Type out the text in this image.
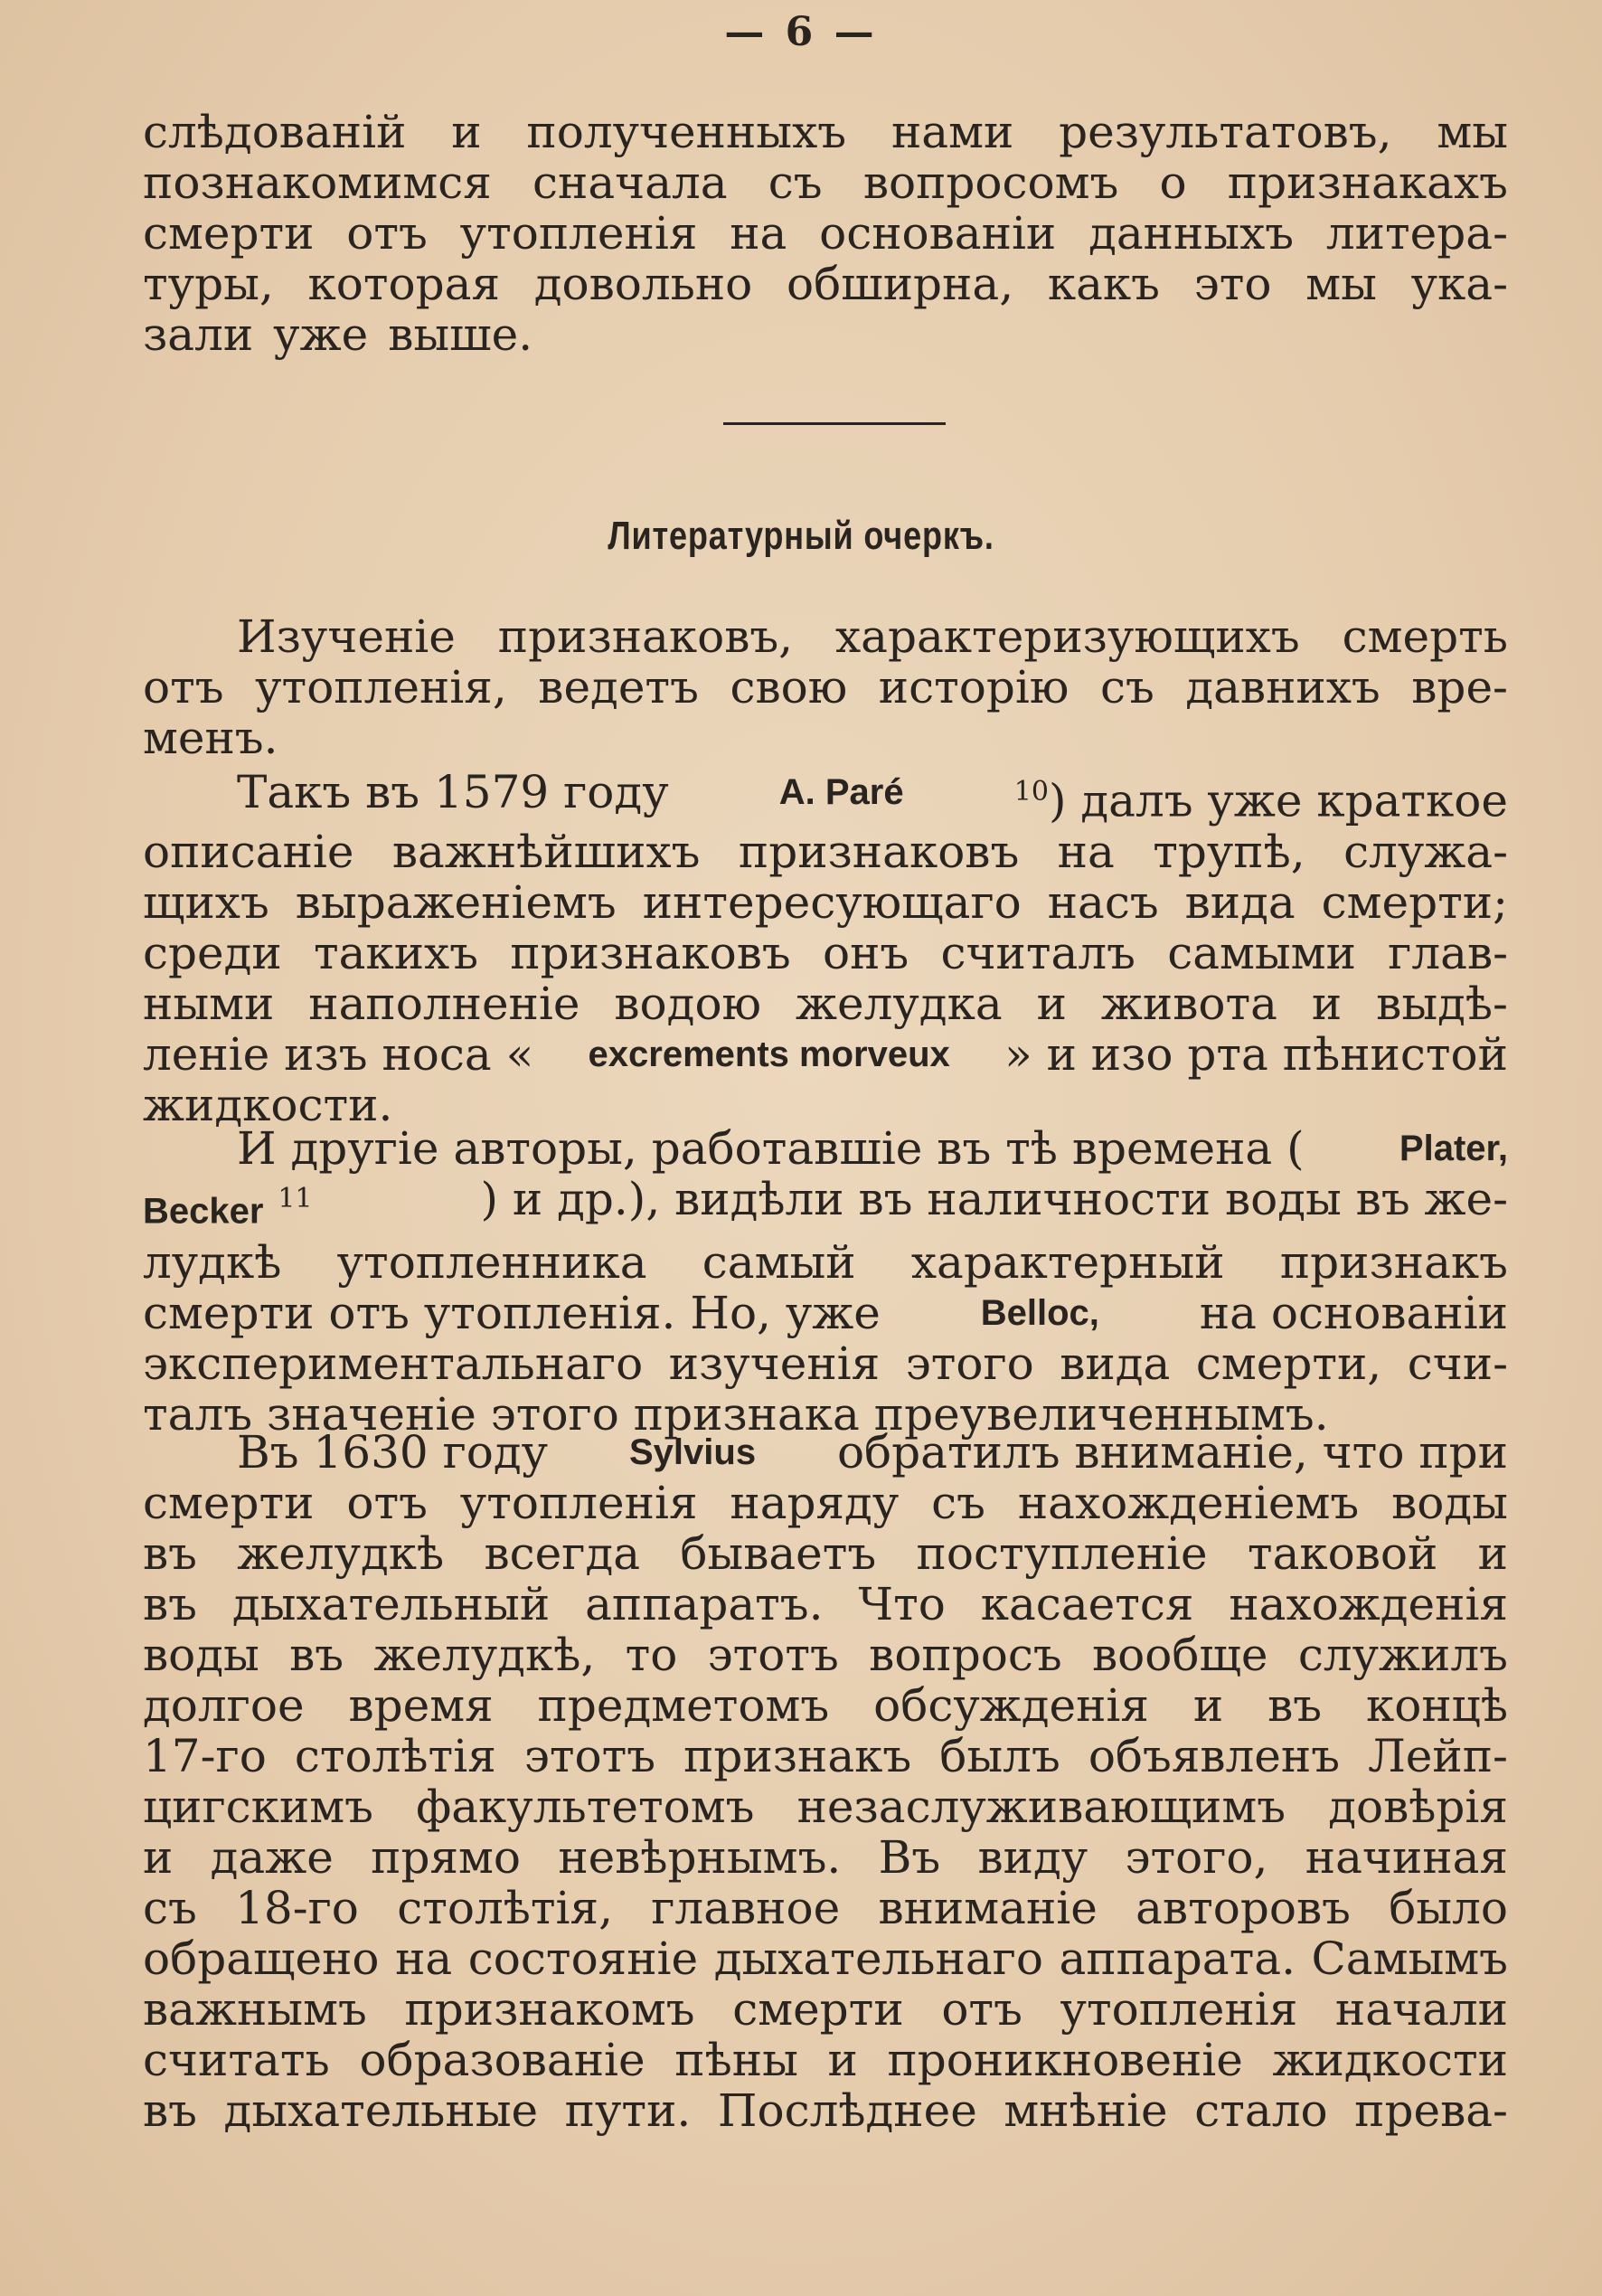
— 6 —
слѣдованій и полученныхъ нами результатовъ, мы
познакомимся сначала съ вопросомъ о признакахъ
смерти отъ утопленія на основаніи данныхъ литера-
туры, которая довольно обширна, какъ это мы ука-
зали уже выше.
Литературный очеркъ.
Изученіе признаковъ, характеризующихъ смерть
отъ утопленія, ведетъ свою исторію съ давнихъ вре-
менъ.
Такъ въ 1579 году	A. Paré	$^{10}$) далъ уже краткое
описаніе важнѣйшихъ признаковъ на трупѣ, служа-
щихъ выраженіемъ интересующаго насъ вида смерти;
среди такихъ признаковъ онъ считалъ самыми глав-
ными наполненіе водою желудка и живота и выдѣ-
леніе изъ носа « excrements morveux » и изо рта пѣнистой
жидкости.
И другіе авторы, работавшіе въ тѣ времена (	Plater,
Becker $^{11}$	) и др.), видѣли въ наличности воды въ же-
лудкѣ утопленника самый характерный признакъ
смерти отъ утопленія. Но, уже	Belloc, на основаніи
экспериментальнаго изученія этого вида смерти, счи-
талъ значеніе этого признака преувеличеннымъ.
Въ 1630 году Sylvius обратилъ вниманіе, что при
смерти отъ утопленія наряду съ нахожденіемъ воды
въ желудкѣ всегда бываетъ поступленіе таковой и
въ дыхательный аппаратъ. Что касается нахожденія
воды въ желудкѣ, то этотъ вопросъ вообще служилъ
долгое время предметомъ обсужденія и въ концѣ
17-го столѣтія этотъ признакъ былъ объявленъ Лейп-
цигскимъ факультетомъ незаслуживающимъ довѣрія
и даже прямо невѣрнымъ. Въ виду этого, начиная
съ 18-го столѣтія, главное вниманіе авторовъ было
обращено на состояніе дыхательнаго аппарата. Самымъ
важнымъ признакомъ смерти отъ утопленія начали
считать образованіе пѣны и проникновеніе жидкости
въ дыхательные пути. Послѣднее мнѣніе стало прева-
